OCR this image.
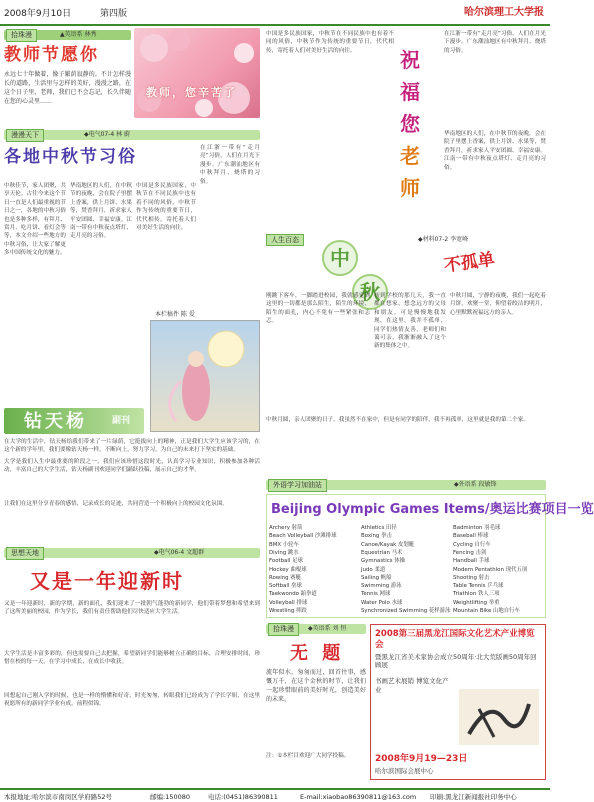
2008年9月10日	第四版	哈尔滨理工大学报
拾珠漫	▲英语系 林秀
教师节愿你
永远七十年做着，像子繁荫寂静的。不计怎样漫长的道路，生活里与怎样的美好，漫漫之路，在这个日子里，老师，我们已不会忘记，长久伴随在您的心灵里……
教师，您辛苦了
祝
福
您
老
师
中国是多民族国家，中秋节在不同民族中也有着不同的风俗，中秋节作为传统的重要节日，代代相传，寄托着人们对美好生活的向往。
在江浙一带有“走月亮”习俗，人们在月光下漫步。广东潮汕地区有中秋拜月、烧塔的习俗。
华南地区的人们，在中秋节的夜晚，会在院子里摆上香案，供上月饼、水果等，焚香拜月，祈求家人平安团圆、幸福安康。江南一带有中秋夜点塔灯、走月亮的习俗。
漫漫天下	◆电气07-4 林 蔚
各地中秋节习俗
中秋佳节，家人团聚，共享天伦。古往今来这个节日一直是人们最重视的节日之一，各地的中秋习俗也是多种多样，有拜月、赏月、吃月饼、看灯会等等，本文介绍一些地方的中秋习俗，让大家了解更多中国传统文化的魅力。
华南地区的人们，在中秋节的夜晚，会在院子里摆上香案，供上月饼、水果等，焚香拜月，祈求家人平安团圆、幸福安康。江南一带有中秋夜点塔灯、走月亮的习俗。
中国是多民族国家，中秋节在不同民族中也有着不同的风俗，中秋节作为传统的重要节日，代代相传，寄托着人们对美好生活的向往。
在江浙一带有“走月亮”习俗，人们在月光下漫步。广东潮汕地区有中秋拜月、烧塔的习俗。
本栏稿件 陈 爱
中
秋
人生百态	◆材料07-2 李宽峰
不孤单
刚跳下客车，一脚踏进校园，我就感觉到这里的一切都是那么陌生，陌生的环境，陌生的面孔，内心不免有一些紧张和忐忑。
初到学校的那几天，我一直都在想家，想念远方的父母和朋友。可是慢慢地我发现，在这里，我并不孤单，同学们热情友善，老师们和蔼可亲，我渐渐融入了这个新的集体之中。
中秋月圆，宁静的夜晚，我们一起吃着月饼，欢聚一堂，仰望着皎洁的明月，心里默默祝福远方的亲人。
中秋月圆，亲人团聚的日子，我虽然不在家中，但是有同学的陪伴，我不再孤单，这里就是我的第二个家。
钻天杨	副刊
在大学的生活中，钻天杨给我们带来了一片绿荫，它挺拔向上的精神，正是我们大学生应该学习的，在这个新的学年里，我们要像钻天杨一样，不断向上，努力学习，为自己的未来打下坚实的基础。
大学是我们人生中最重要的阶段之一，我们应该珍惜这段时光，认真学习专业知识，积极参加各种活动，丰富自己的大学生活，钻天杨副刊欢迎同学们踊跃投稿，展示自己的才华。
让我们在这里分享青春的感悟，记录成长的足迹，共同营造一个积极向上的校园文化氛围。
思想天地	◆电气06-4 文超群
又是一年迎新时
又是一年迎新时，新的学期，新的面孔，我们迎来了一批朝气蓬勃的新同学，他们带着梦想和希望来到了这所美丽的校园，作为学长，我们有责任帮助他们尽快适应大学生活。
大学生活是丰富多彩的，但也需要自己去把握，希望新同学们能够树立正确的目标，合理安排时间，珍惜在校的每一天，在学习中成长，在成长中收获。
回想起自己刚入学的时候，也是一样的懵懂和好奇，时光匆匆，转眼我们已经成为了学长学姐，在这里祝愿所有的新同学学业有成，前程似锦。
外语学习加油站	◆外语系 段敏锋
Beijing Olympic Games Items/奥运比赛项目一览
Archery 射箭	Athletics 田径	Badminton 羽毛球
Beach Volleyball 沙滩排球	Boxing 拳击	Baseball 棒球
BMX 小轮车	Canoe/Kayak 皮划艇	Cycling 自行车
Diving 跳水	Equestrian 马术	Fencing 击剑
Football 足球	Gymnastics 体操	Handball 手球
Hockey 曲棍球	Judo 柔道	Modern Pentathlon 现代五项
Rowing 赛艇	Sailing 帆船	Shooting 射击
Softball 垒球	Swimming 游泳	Table Tennis 乒乓球
Taekwondo 跆拳道	Tennis 网球	Triathlon 铁人三项
Volleyball 排球	Water Polo 水球	Weightlifting 举重
Wrestling 摔跤	Synchronized Swimming 花样游泳 Mountain Bike 山地自行车
拾珠漫	◆英语系 刘 恒
无 题
流年似水，匆匆而过，回首往事，感慨万千，在这个金秋的时节，让我们一起珍惜眼前的美好时光，创造美好的未来。
注：①本栏目欢迎广大同学投稿。
2008第三届黑龙江国际文化艺术产业博览会
暨黑龙江省美术家协会成立50周年·北大荒版画50周年回顾展
书画艺术展销 博览文化产业
2008年9月19—23日
哈尔滨国际会展中心
本报地址:哈尔滨市南岗区学府路52号	邮编:150080	电话:(0451)86390811	E-mail:xiaobao86390811@163.com 印刷:黑龙江新闻报社印务中心
